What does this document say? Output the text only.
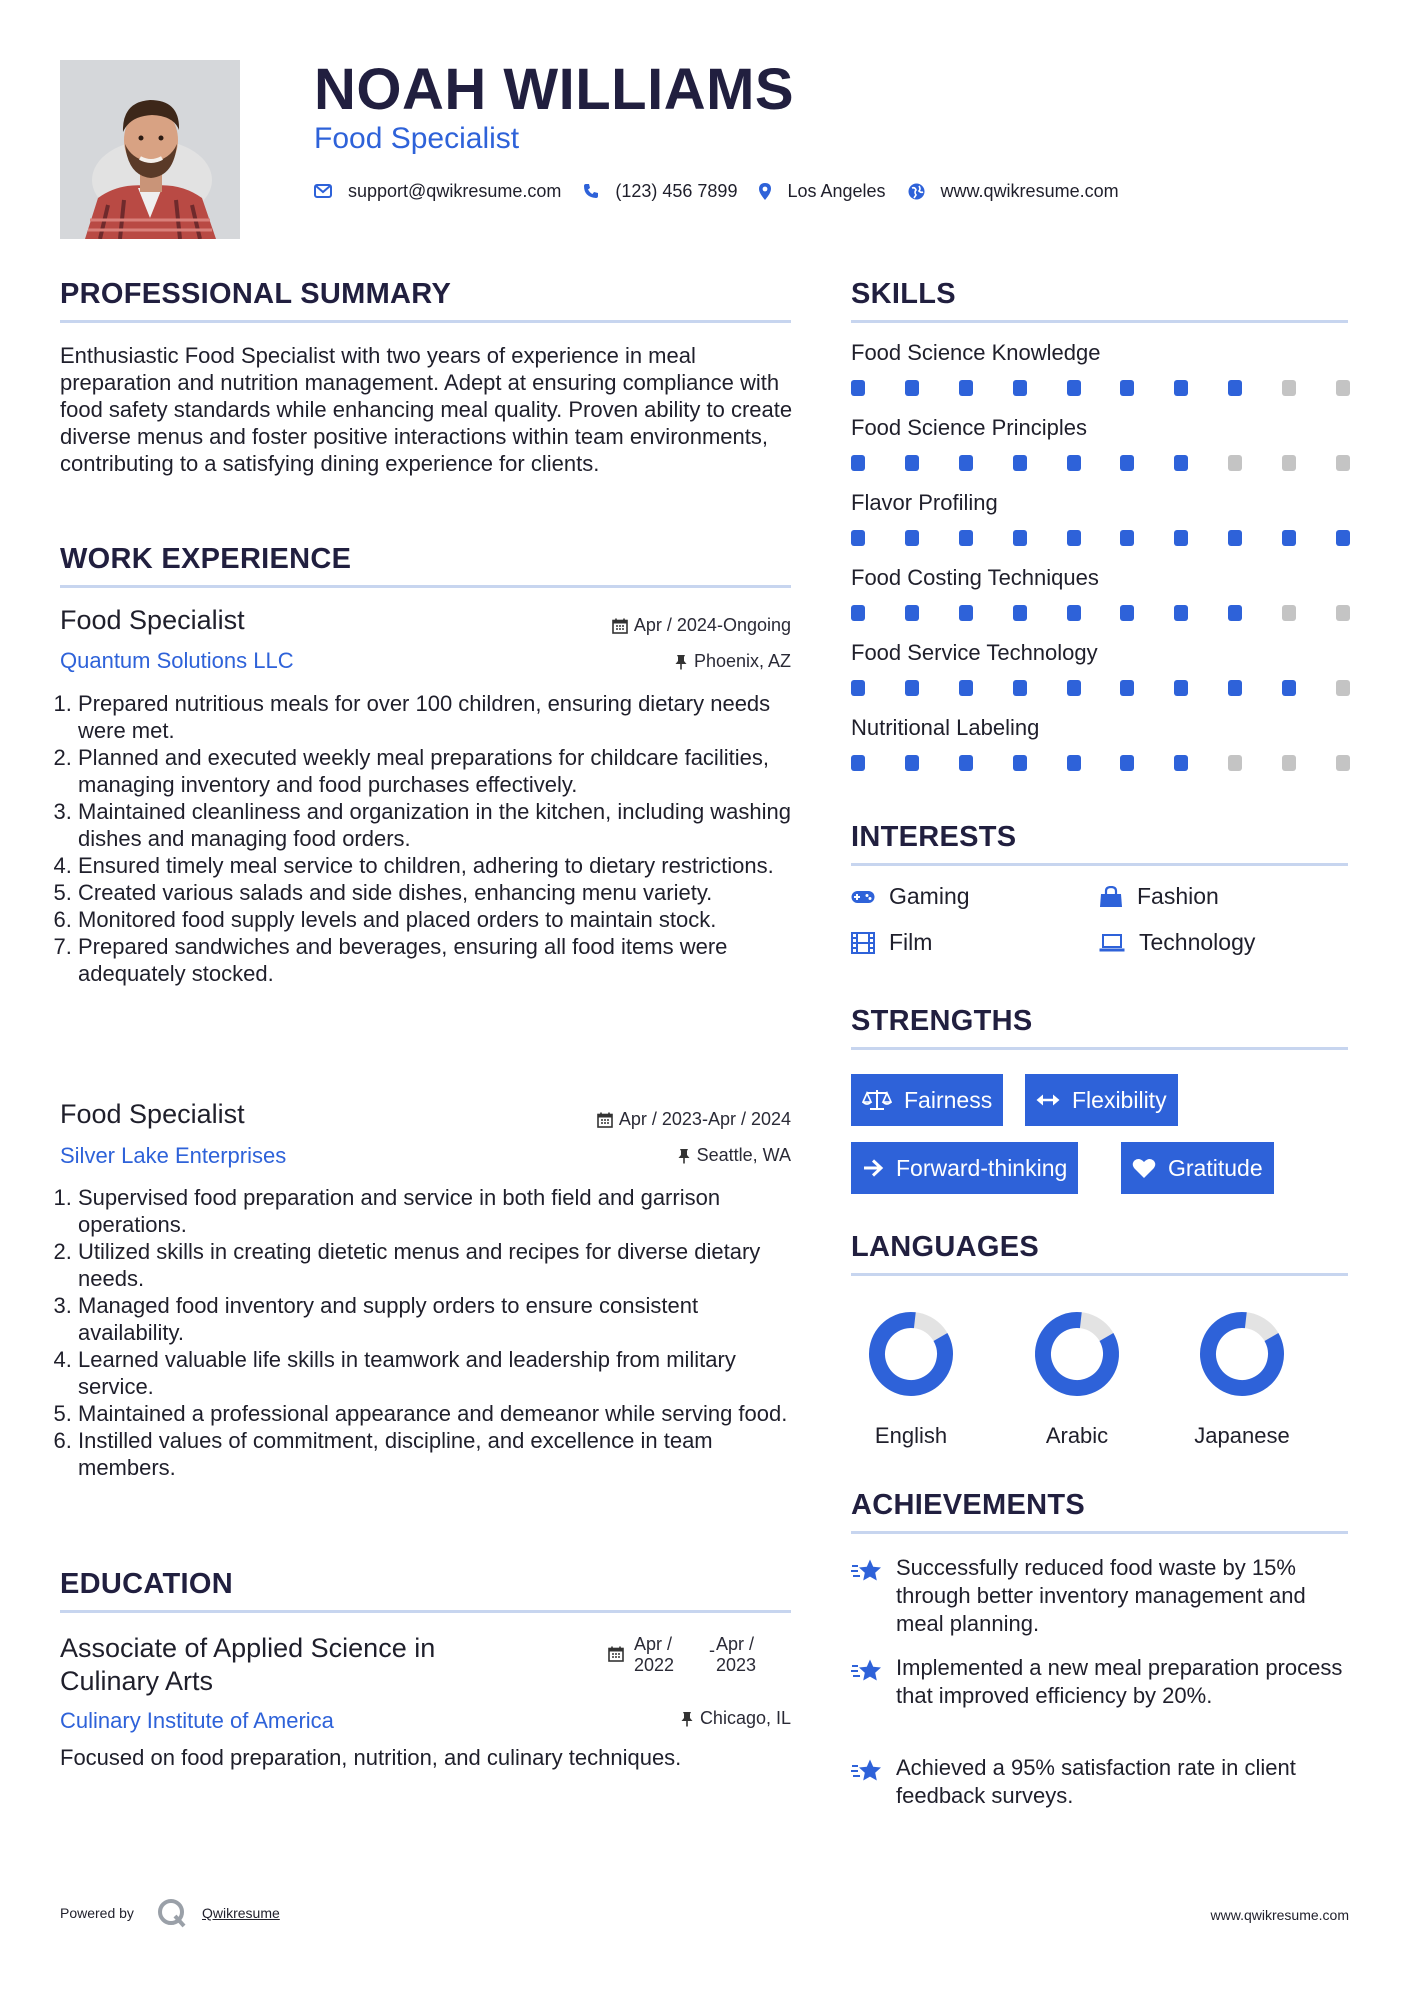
NOAH WILLIAMS
Food Specialist
support@qwikresume.com	(123) 456 7899	Los Angeles	www.qwikresume.com
PROFESSIONAL SUMMARY
Enthusiastic Food Specialist with two years of experience in meal preparation and nutrition management. Adept at ensuring compliance with food safety standards while enhancing meal quality. Proven ability to create diverse menus and foster positive interactions within team environments, contributing to a satisfying dining experience for clients.
WORK EXPERIENCE
Food Specialist	Apr / 2024-Ongoing
Quantum Solutions LLC	Phoenix, AZ
1. Prepared nutritious meals for over 100 children, ensuring dietary needs were met.
2. Planned and executed weekly meal preparations for childcare facilities, managing inventory and food purchases effectively.
3. Maintained cleanliness and organization in the kitchen, including washing dishes and managing food orders.
4. Ensured timely meal service to children, adhering to dietary restrictions.
5. Created various salads and side dishes, enhancing menu variety.
6. Monitored food supply levels and placed orders to maintain stock.
7. Prepared sandwiches and beverages, ensuring all food items were adequately stocked.
Food Specialist	Apr / 2023-Apr / 2024
Silver Lake Enterprises	Seattle, WA
1. Supervised food preparation and service in both field and garrison operations.
2. Utilized skills in creating dietetic menus and recipes for diverse dietary needs.
3. Managed food inventory and supply orders to ensure consistent availability.
4. Learned valuable life skills in teamwork and leadership from military service.
5. Maintained a professional appearance and demeanor while serving food.
6. Instilled values of commitment, discipline, and excellence in team members.
EDUCATION
Associate of Applied Science in
Culinary Arts
Apr /
2022
- Apr /
2023
Culinary Institute of America	Chicago, IL
Focused on food preparation, nutrition, and culinary techniques.
SKILLS
Food Science Knowledge
Food Science Principles
Flavor Profiling
Food Costing Techniques
Food Service Technology
Nutritional Labeling
INTERESTS
Gaming	Fashion
Film	Technology
STRENGTHS
Fairness	Flexibility
Forward-thinking	Gratitude
LANGUAGES
English	Arabic	Japanese
ACHIEVEMENTS
Successfully reduced food waste by 15% through better inventory management and meal planning.
Implemented a new meal preparation process that improved efficiency by 20%.
Achieved a 95% satisfaction rate in client feedback surveys.
Powered by	Qwikresume	www.qwikresume.com
